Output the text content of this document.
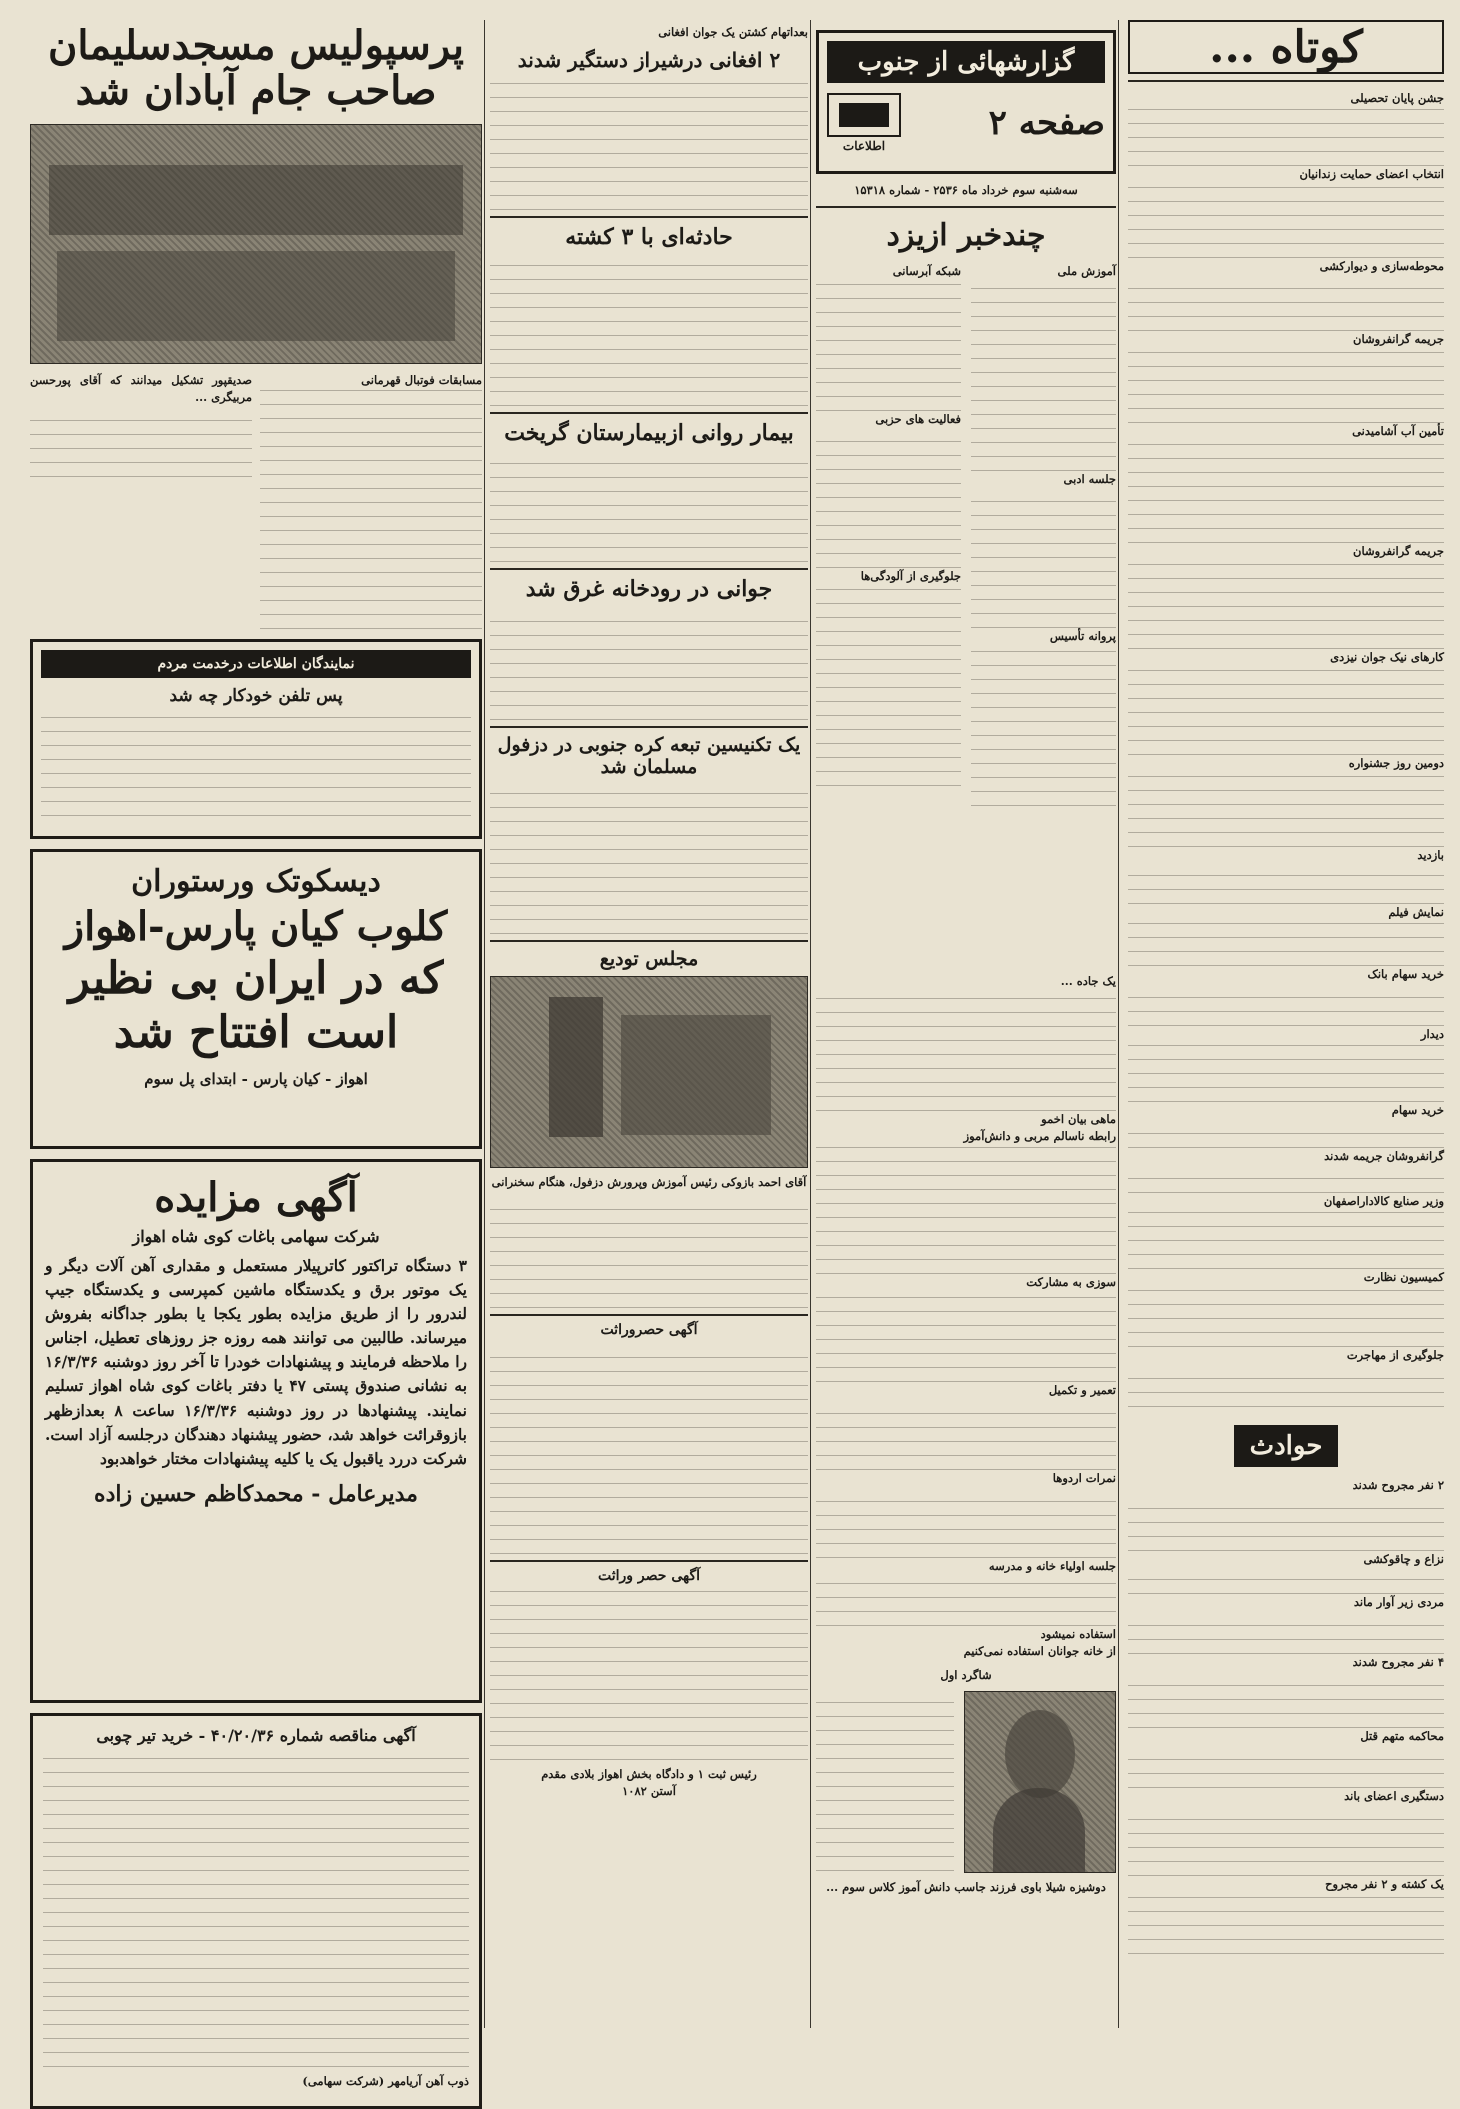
کوتاه ...
جشن پایان تحصیلی
انتخاب اعضای حمایت زندانیان
محوطه‌سازی و دیوارکشی
جریمه گرانفروشان
تأمین آب آشامیدنی
جریمه گرانفروشان
کارهای نیک جوان نیزدی
دومین روز جشنواره
بازدید
نمایش فیلم
خرید سهام بانک
دیدار
خرید سهام
گرانفروشان جریمه شدند
وزیر صنایع کالاداراصفهان
کمیسیون نظارت
جلوگیری از مهاجرت
حوادث
۲ نفر مجروح شدند
نزاع و چاقوکشی
مردی زیر آوار ماند
۴ نفر مجروح شدند
محاکمه متهم قتل
دستگیری اعضای باند
یک کشته و ۲ نفر مجروح
گزارشهائی از جنوب
صفحه ۲
اطلاعات
سه‌شنبه سوم خرداد ماه ۲۵۳۶ - شماره ۱۵۳۱۸
چندخبر ازیزد
آموزش ملی
جلسه ادبی
پروانه تأسیس
شبکه آبرسانی
فعالیت های حزبی
جلوگیری از آلودگی‌ها
یک جاده ...
ماهی بیان اخمو
رابطه ناسالم مربی و دانش‌آموز
سوزی به مشارکت
تعمیر و تکمیل
نمرات اردوها
جلسه اولیاء خانه و مدرسه
استفاده نمیشود
از خانه جوانان استفاده نمی‌کنیم
شاگرد اول
دوشیزه شیلا باوی فرزند جاسب دانش آموز کلاس سوم ...
بعداتهام کشتن یک جوان افغانی
۲ افغانی درشیراز دستگیر شدند
حادثه‌ای با ۳ کشته
بیمار روانی ازبیمارستان گریخت
جوانی در رودخانه غرق شد
یک تکنیسین تبعه کره جنوبی در دزفول مسلمان شد
مجلس تودیع
آقای احمد بازوکی رئیس آموزش وپرورش دزفول، هنگام سخنرانی
آگهی حصروراثت
آگهی حصر وراثت
رئیس ثبت ۱ و دادگاه بخش اهواز بلادی مقدم
آستن ۱۰۸۲
پرسپولیس مسجدسلیمان صاحب جام آبادان شد
مسابقات فوتبال قهرمانی
صدیقپور تشکیل میدانند که آقای پورحسن مربیگری ...
نمایندگان اطلاعات درخدمت مردم
پس تلفن خودکار چه شد
دیسکوتک ورستوران
کلوب کیان پارس-اهواز
که در ایران بی نظیر
است افتتاح شد
اهواز - کیان پارس - ابتدای پل سوم
آگهی مزایده
شرکت سهامی باغات کوی شاه اهواز
۳ دستگاه تراکتور کاترپیلار مستعمل و مقداری آهن آلات دیگر و یک موتور برق و یکدستگاه ماشین کمپرسی و یکدستگاه جیپ لندرور را از طریق مزایده بطور یکجا یا بطور جداگانه بفروش میرساند. طالبین می توانند همه روزه جز روزهای تعطیل، اجناس را ملاحظه فرمایند و پیشنهادات خودرا تا آخر روز دوشنبه ۱۶/۳/۳۶ به نشانی صندوق پستی ۴۷ یا دفتر باغات کوی شاه اهواز تسلیم نمایند. پیشنهادها در روز دوشنبه ۱۶/۳/۳۶ ساعت ۸ بعدازظهر بازوقرائت خواهد شد، حضور پیشنهاد دهندگان درجلسه آزاد است. شرکت دررد یاقبول یک یا کلیه پیشنهادات مختار خواهدبود
مدیرعامل - محمدکاظم حسین زاده
آگهی مناقصه شماره ۴۰/۲۰/۳۶ - خرید تیر چوبی
ذوب آهن آریامهر (شرکت سهامی)
